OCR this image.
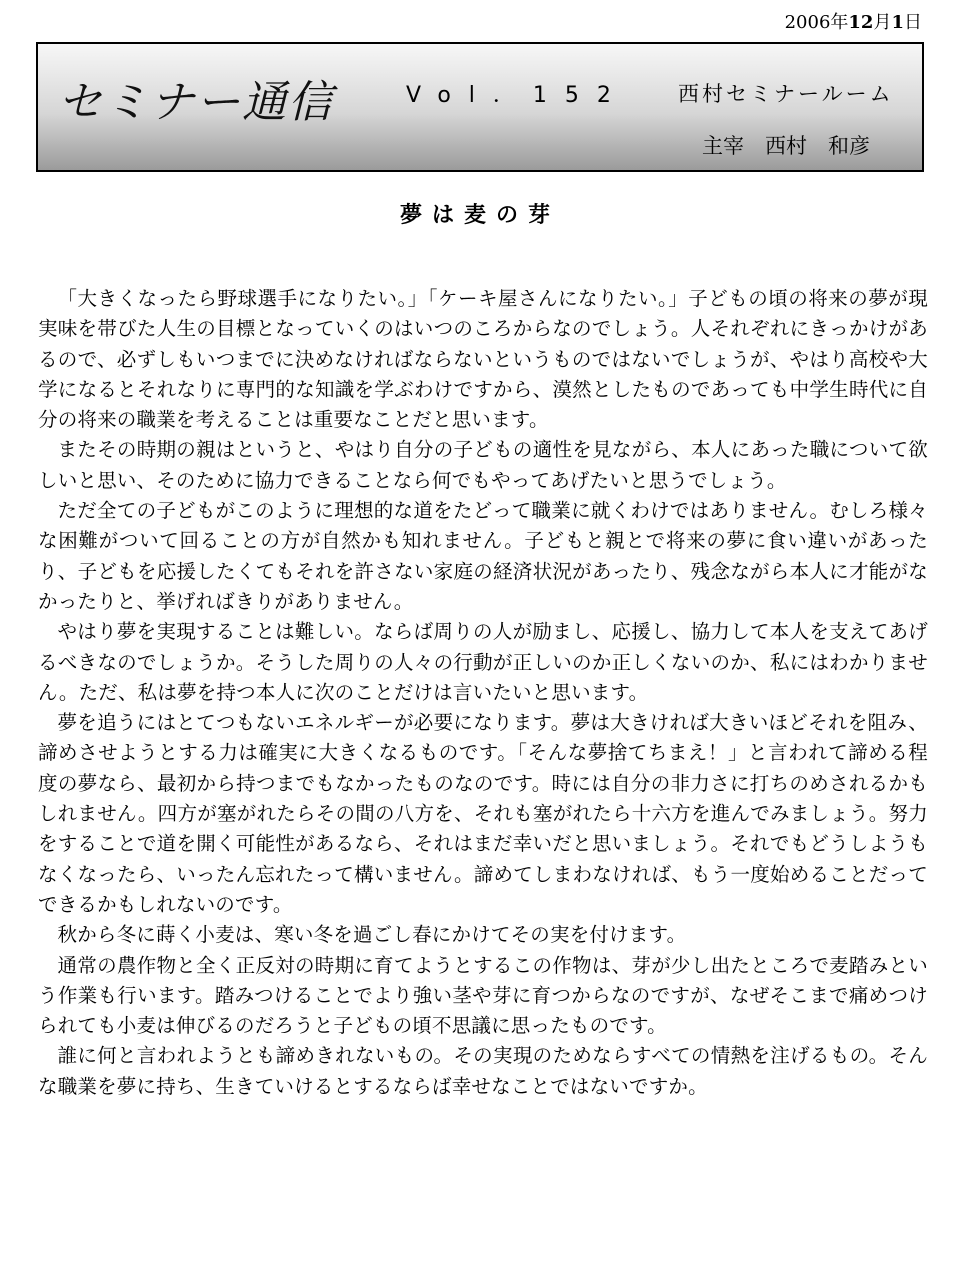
2006年12月1日
セミナー通信	Vol．152 西村セミナールーム
主宰　西村　和彦
夢は麦の芽

「大きくなったら野球選手になりたい。」「ケーキ屋さんになりたい。」子どもの頃の将来の夢が現実味を帯びた人生の目標となっていくのはいつのころからなのでしょう。人それぞれにきっかけがあるので、必ずしもいつまでに決めなければならないというものではないでしょうが、やはり高校や大学になるとそれなりに専門的な知識を学ぶわけですから、漠然としたものであっても中学生時代に自分の将来の職業を考えることは重要なことだと思います。

またその時期の親はというと、やはり自分の子どもの適性を見ながら、本人にあった職について欲しいと思い、そのために協力できることなら何でもやってあげたいと思うでしょう。

ただ全ての子どもがこのように理想的な道をたどって職業に就くわけではありません。むしろ様々な困難がついて回ることの方が自然かも知れません。子どもと親とで将来の夢に食い違いがあったり、子どもを応援したくてもそれを許さない家庭の経済状況があったり、残念ながら本人に才能がなかったりと、挙げればきりがありません。

やはり夢を実現することは難しい。ならば周りの人が励まし、応援し、協力して本人を支えてあげるべきなのでしょうか。そうした周りの人々の行動が正しいのか正しくないのか、私にはわかりません。ただ、私は夢を持つ本人に次のことだけは言いたいと思います。

夢を追うにはとてつもないエネルギーが必要になります。夢は大きければ大きいほどそれを阻み、諦めさせようとする力は確実に大きくなるものです。「そんな夢捨てちまえ！」と言われて諦める程度の夢なら、最初から持つまでもなかったものなのです。時には自分の非力さに打ちのめされるかもしれません。四方が塞がれたらその間の八方を、それも塞がれたら十六方を進んでみましょう。努力をすることで道を開く可能性があるなら、それはまだ幸いだと思いましょう。それでもどうしようもなくなったら、いったん忘れたって構いません。諦めてしまわなければ、もう一度始めることだってできるかもしれないのです。

秋から冬に蒔く小麦は、寒い冬を過ごし春にかけてその実を付けます。

通常の農作物と全く正反対の時期に育てようとするこの作物は、芽が少し出たところで麦踏みという作業も行います。踏みつけることでより強い茎や芽に育つからなのですが、なぜそこまで痛めつけられても小麦は伸びるのだろうと子どもの頃不思議に思ったものです。

誰に何と言われようとも諦めきれないもの。その実現のためならすべての情熱を注げるもの。そんな職業を夢に持ち、生きていけるとするならば幸せなことではないですか。
